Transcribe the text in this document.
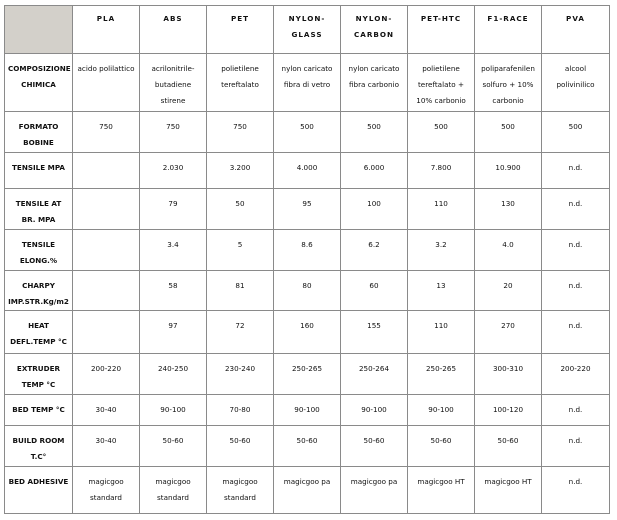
	PLA	ABS	PET	NYLON-GLASS	NYLON-CARBON	PET-HTC	F1-RACE	PVA
COMPOSIZIONE CHIMICA	acido polilattico	acrilonitrile-butadiene stirene	polietilene tereftalato	nylon caricato fibra di vetro	nylon caricato fibra carbonio	polietilene tereftalato + 10% carbonio	poliparafenilen solfuro + 10% carbonio	alcool polivinilico
FORMATO BOBINE	750	750	750	500	500	500	500	500
TENSILE MPA		2.030	3.200	4.000	6.000	7.800	10.900	n.d.
TENSILE AT BR. MPA		79	50	95	100	110	130	n.d.
TENSILE ELONG.%		3.4	5	8.6	6.2	3.2	4.0	n.d.
CHARPY IMP.STR.Kg/m2		58	81	80	60	13	20	n.d.
HEAT DEFL.TEMP °C		97	72	160	155	110	270	n.d.
EXTRUDER TEMP °C	200-220	240-250	230-240	250-265	250-264	250-265	300-310	200-220
BED TEMP °C	30-40	90-100	70-80	90-100	90-100	90-100	100-120	n.d.
BUILD ROOM T.C°	30-40	50-60	50-60	50-60	50-60	50-60	50-60	n.d.
BED ADHESIVE	magicgoo standard	magicgoo standard	magicgoo standard	magicgoo pa	magicgoo pa	magicgoo HT	magicgoo HT	n.d.
